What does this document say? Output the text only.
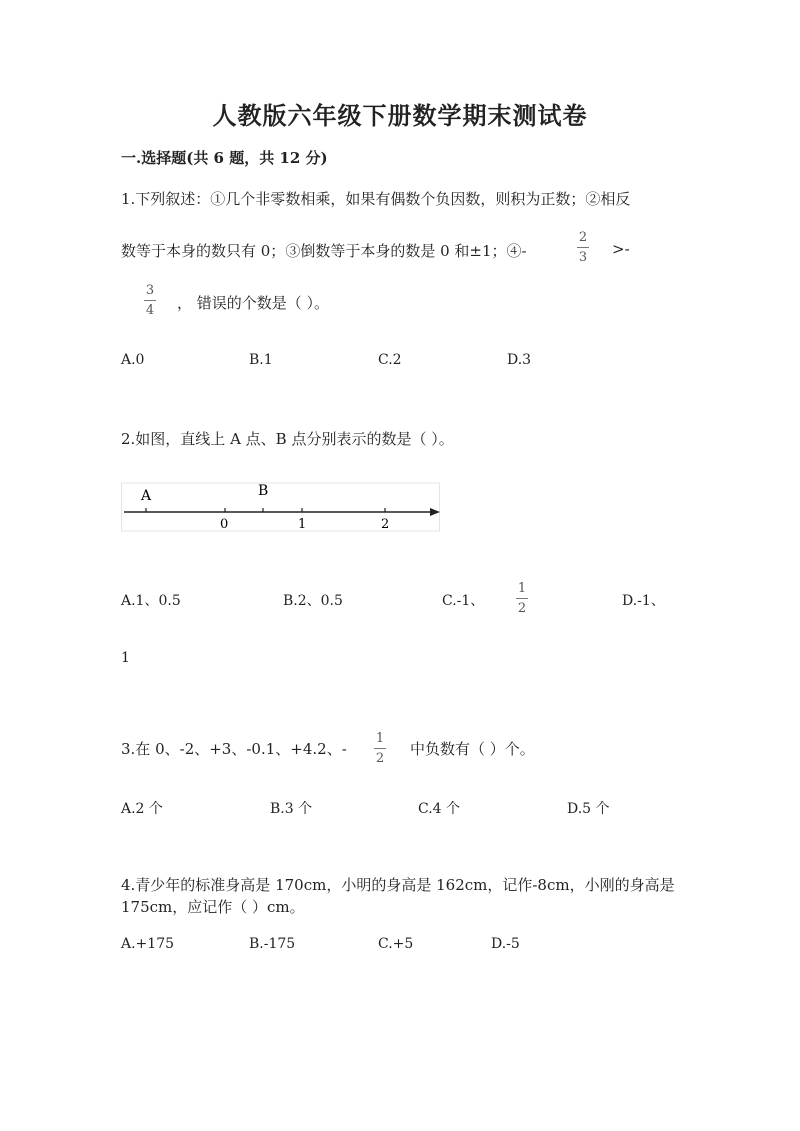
人教版六年级下册数学期末测试卷
一.选择题(共 6 题，共 12 分)
1.下列叙述：①几个非零数相乘，如果有偶数个负因数，则积为正数；②相反
数等于本身的数只有 0；③倒数等于本身的数是 0 和±1；④-
2
3 >-
3
4 ， 错误的个数是（ ）。
A.0	B.1	C.2	D.3
2.如图，直线上 A 点、B 点分别表示的数是（ ）。
A	B
0	1	2
A.1、0.5	B.2、0.5	C.-1、
1
2	D.-1、
1
3.在 0、-2、+3、-0.1、+4.2、-
1
2
中负数有（ ）个。
A.2 个	B.3 个	C.4 个	D.5 个
4.青少年的标准身高是 170cm，小明的身高是 162cm，记作-8cm，小刚的身高是
175cm，应记作（ ）cm。
A.+175	B.-175	C.+5	D.-5
